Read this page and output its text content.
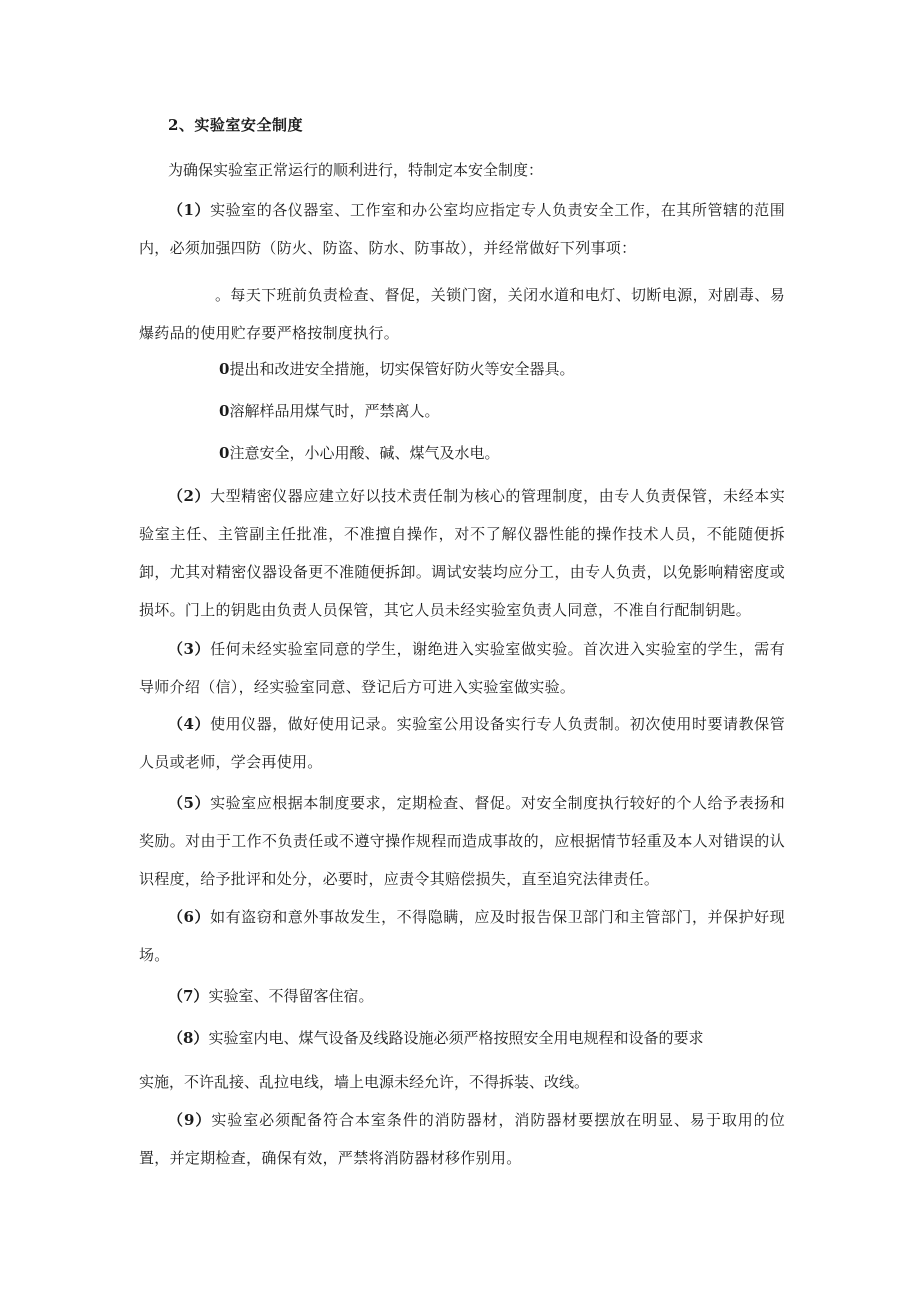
2、实验室安全制度
为确保实验室正常运行的顺利进行，特制定本安全制度：

（1）实验室的各仪器室、工作室和办公室均应指定专人负责安全工作，在其所管辖的范围内，必须加强四防（防火、防盗、防水、防事故），并经常做好下列事项：

。每天下班前负责检查、督促，关锁门窗，关闭水道和电灯、切断电源，对剧毒、易爆药品的使用贮存要严格按制度执行。

0提出和改进安全措施，切实保管好防火等安全器具。
0溶解样品用煤气时，严禁离人。
0注意安全，小心用酸、碱、煤气及水电。

（2）大型精密仪器应建立好以技术责任制为核心的管理制度，由专人负责保管，未经本实验室主任、主管副主任批准，不准擅自操作，对不了解仪器性能的操作技术人员，不能随便拆卸，尤其对精密仪器设备更不准随便拆卸。调试安装均应分工，由专人负责，以免影响精密度或损坏。门上的钥匙由负责人员保管，其它人员未经实验室负责人同意，不准自行配制钥匙。

（3）任何未经实验室同意的学生，谢绝进入实验室做实验。首次进入实验室的学生，需有导师介绍（信），经实验室同意、登记后方可进入实验室做实验。

（4）使用仪器，做好使用记录。实验室公用设备实行专人负责制。初次使用时要请教保管人员或老师，学会再使用。

（5）实验室应根据本制度要求，定期检查、督促。对安全制度执行较好的个人给予表扬和奖励。对由于工作不负责任或不遵守操作规程而造成事故的，应根据情节轻重及本人对错误的认识程度，给予批评和处分，必要时，应责令其赔偿损失，直至追究法律责任。

（6）如有盗窃和意外事故发生，不得隐瞒，应及时报告保卫部门和主管部门，并保护好现场。

（7）实验室、不得留客住宿。
（8）实验室内电、煤气设备及线路设施必须严格按照安全用电规程和设备的要求
实施，不许乱接、乱拉电线，墙上电源未经允许，不得拆装、改线。

（9）实验室必须配备符合本室条件的消防器材，消防器材要摆放在明显、易于取用的位置，并定期检查，确保有效，严禁将消防器材移作别用。
